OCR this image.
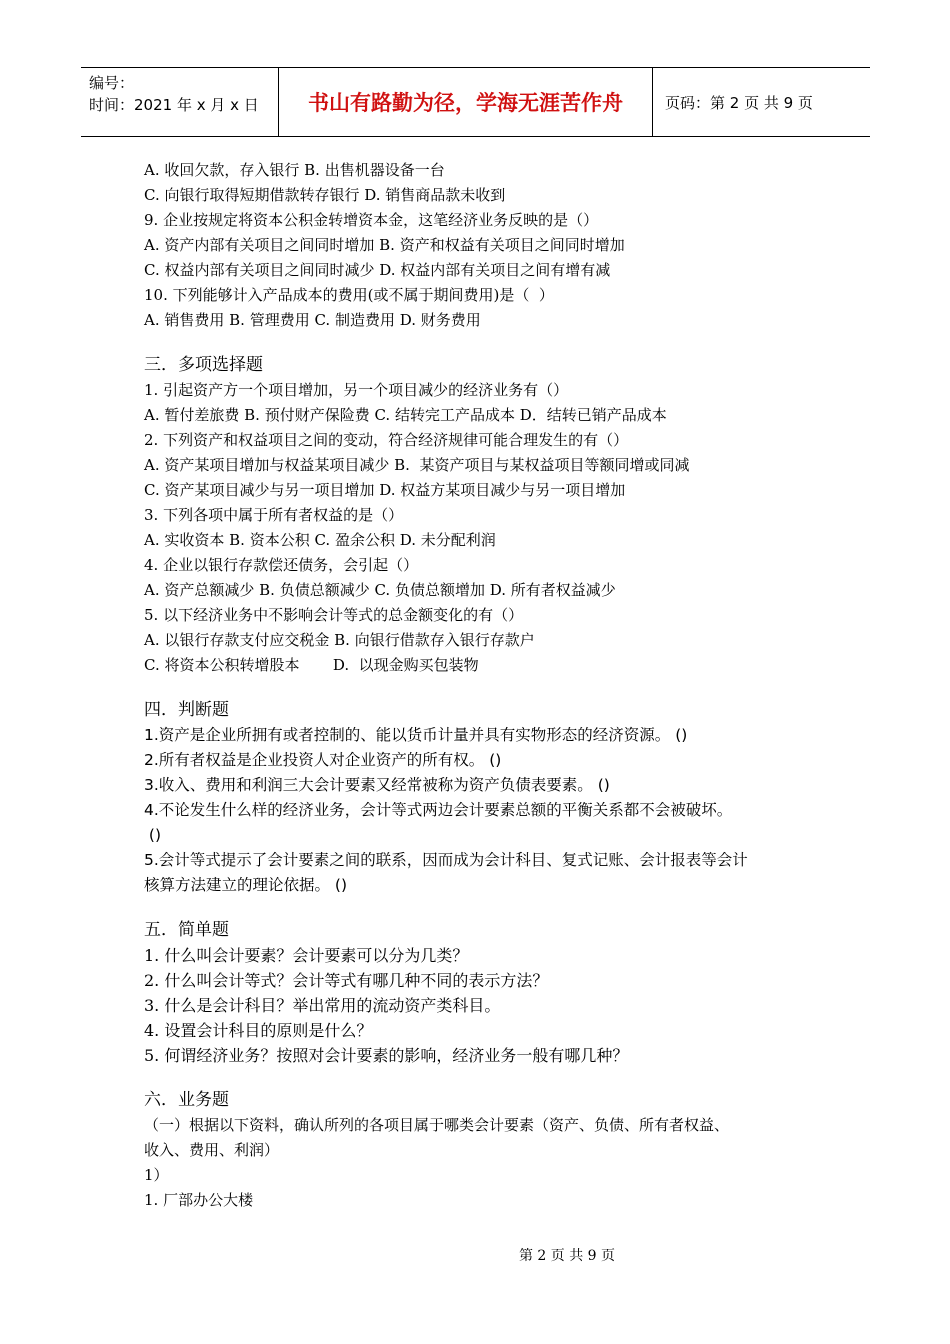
编号：
时间：2021 年 x 月 x 日	书山有路勤为径，学海无涯苦作舟	页码：第 2 页 共 9 页
A. 收回欠款，存入银行 B. 出售机器设备一台
C. 向银行取得短期借款转存银行 D. 销售商品款未收到
9. 企业按规定将资本公积金转增资本金，这笔经济业务反映的是（）
A. 资产内部有关项目之间同时增加 B. 资产和权益有关项目之间同时增加
C. 权益内部有关项目之间同时减少 D. 权益内部有关项目之间有增有减
10. 下列能够计入产品成本的费用(或不属于期间费用)是（  ）
A. 销售费用 B. 管理费用 C. 制造费用 D. 财务费用
三．多项选择题
1. 引起资产方一个项目增加，另一个项目减少的经济业务有（）
A. 暂付差旅费 B. 预付财产保险费 C. 结转完工产品成本 D．结转已销产品成本
2. 下列资产和权益项目之间的变动，符合经济规律可能合理发生的有（）
A. 资产某项目增加与权益某项目减少 B.  某资产项目与某权益项目等额同增或同减
C. 资产某项目减少与另一项目增加 D. 权益方某项目减少与另一项目增加
3. 下列各项中属于所有者权益的是（）
A. 实收资本 B. 资本公积 C. 盈余公积 D. 未分配利润
4. 企业以银行存款偿还债务，会引起（）
A. 资产总额减少 B. 负债总额减少 C. 负债总额增加 D. 所有者权益减少
5. 以下经济业务中不影响会计等式的总金额变化的有（）
A. 以银行存款支付应交税金 B. 向银行借款存入银行存款户
C. 将资本公积转增股本       D.  以现金购买包装物
四．判断题
1.资产是企业所拥有或者控制的、能以货币计量并具有实物形态的经济资源。 ()
2.所有者权益是企业投资人对企业资产的所有权。 ()
3.收入、费用和利润三大会计要素又经常被称为资产负债表要素。 ()
4.不论发生什么样的经济业务，会计等式两边会计要素总额的平衡关系都不会被破坏。
()
5.会计等式提示了会计要素之间的联系，因而成为会计科目、复式记账、会计报表等会计
核算方法建立的理论依据。 ()
五．简单题
1. 什么叫会计要素？会计要素可以分为几类？
2. 什么叫会计等式？会计等式有哪几种不同的表示方法？
3. 什么是会计科目？举出常用的流动资产类科目。
4. 设置会计科目的原则是什么？
5. 何谓经济业务？按照对会计要素的影响，经济业务一般有哪几种？
六．业务题
（一）根据以下资料，确认所列的各项目属于哪类会计要素（资产、负债、所有者权益、
收入、费用、利润）
1）
1. 厂部办公大楼
第 2 页 共 9 页
